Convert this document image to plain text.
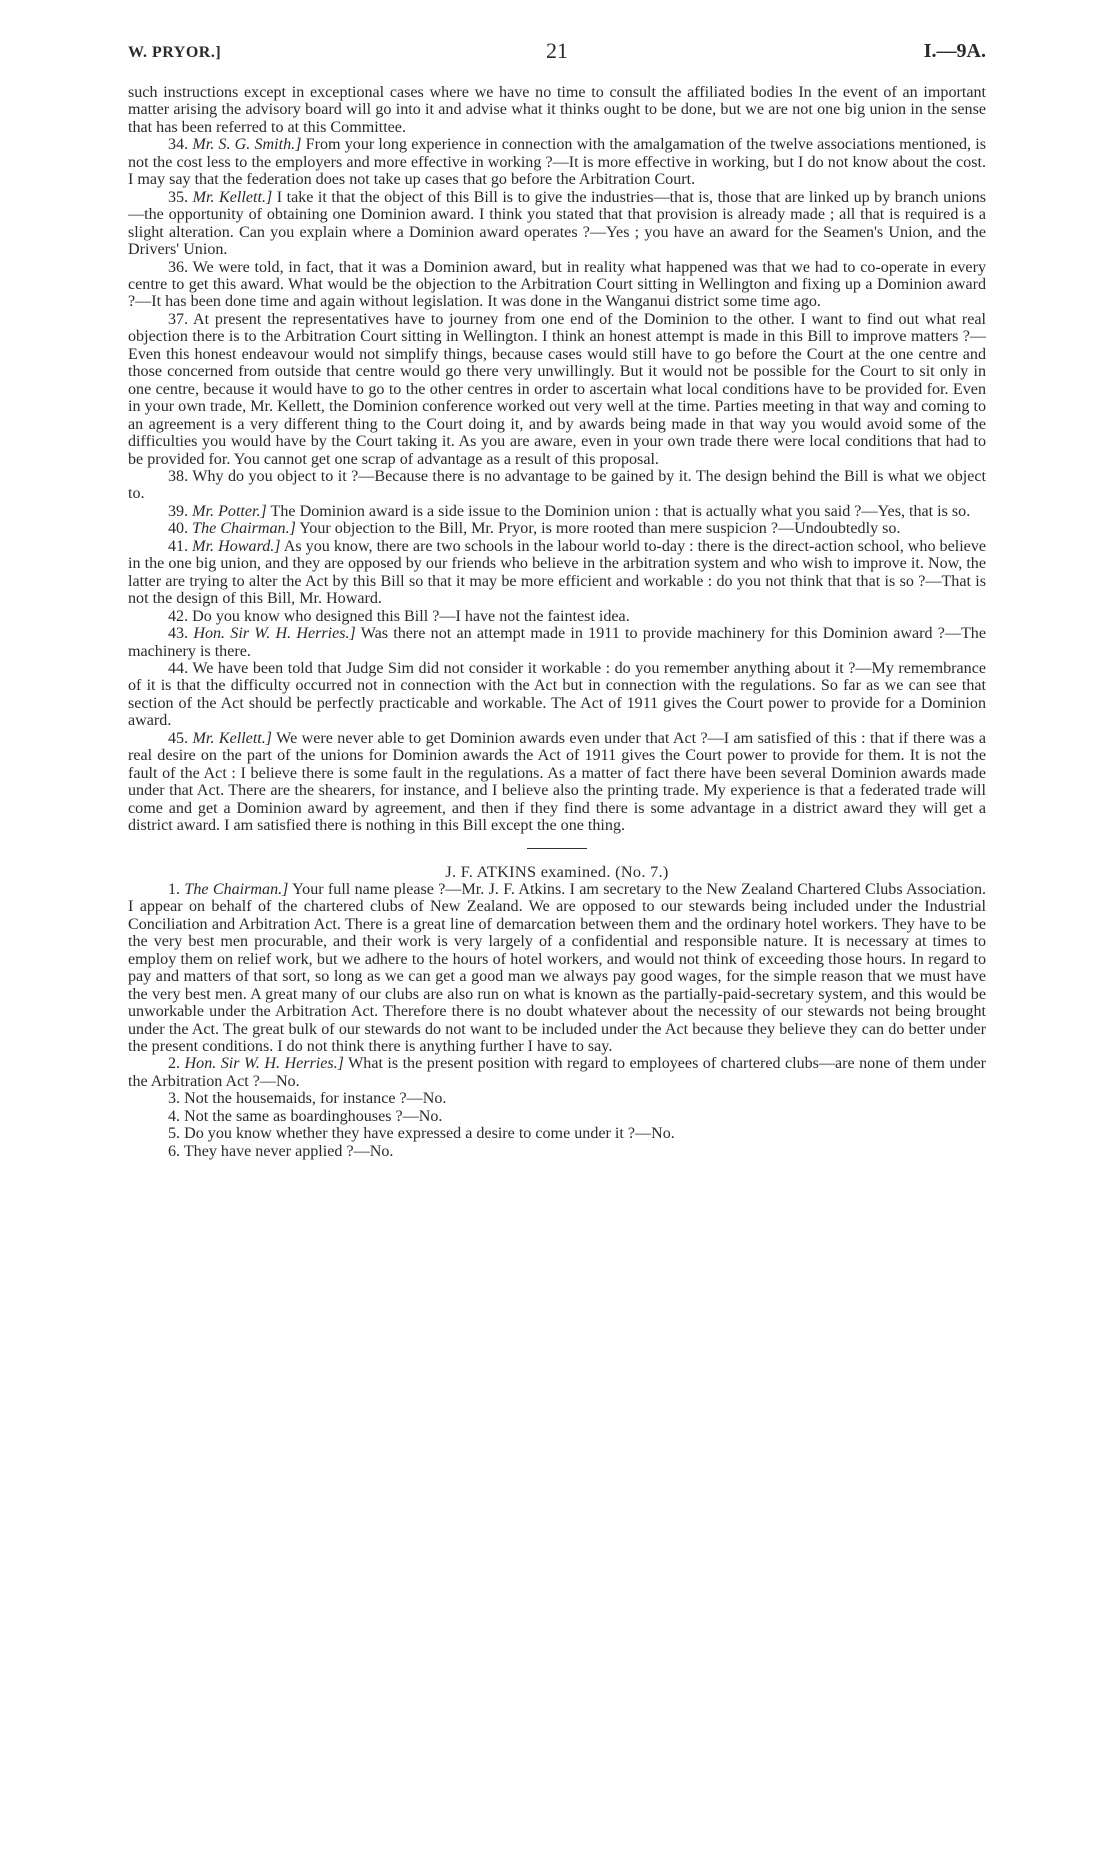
W. PRYOR.]	21	I.—9A.

such instructions except in exceptional cases where we have no time to consult the affiliated bodies In the event of an important matter arising the advisory board will go into it and advise what it thinks ought to be done, but we are not one big union in the sense that has been referred to at this Committee.

34. Mr. S. G. Smith.] From your long experience in connection with the amalgamation of the twelve associations mentioned, is not the cost less to the employers and more effective in working ?—It is more effective in working, but I do not know about the cost. I may say that the federation does not take up cases that go before the Arbitration Court.

35. Mr. Kellett.] I take it that the object of this Bill is to give the industries—that is, those that are linked up by branch unions—the opportunity of obtaining one Dominion award. I think you stated that that provision is already made ; all that is required is a slight alteration. Can you explain where a Dominion award operates ?—Yes ; you have an award for the Seamen's Union, and the Drivers' Union.

36. We were told, in fact, that it was a Dominion award, but in reality what happened was that we had to co-operate in every centre to get this award. What would be the objection to the Arbitration Court sitting in Wellington and fixing up a Dominion award ?—It has been done time and again without legislation. It was done in the Wanganui district some time ago.

37. At present the representatives have to journey from one end of the Dominion to the other. I want to find out what real objection there is to the Arbitration Court sitting in Wellington. I think an honest attempt is made in this Bill to improve matters ?—Even this honest endeavour would not simplify things, because cases would still have to go before the Court at the one centre and those concerned from outside that centre would go there very unwillingly. But it would not be possible for the Court to sit only in one centre, because it would have to go to the other centres in order to ascertain what local conditions have to be provided for. Even in your own trade, Mr. Kellett, the Dominion conference worked out very well at the time. Parties meeting in that way and coming to an agreement is a very different thing to the Court doing it, and by awards being made in that way you would avoid some of the difficulties you would have by the Court taking it. As you are aware, even in your own trade there were local conditions that had to be provided for. You cannot get one scrap of advantage as a result of this proposal.

38. Why do you object to it ?—Because there is no advantage to be gained by it. The design behind the Bill is what we object to.

39. Mr. Potter.] The Dominion award is a side issue to the Dominion union : that is actually what you said ?—Yes, that is so.

40. The Chairman.] Your objection to the Bill, Mr. Pryor, is more rooted than mere suspicion ?—Undoubtedly so.

41. Mr. Howard.] As you know, there are two schools in the labour world to-day : there is the direct-action school, who believe in the one big union, and they are opposed by our friends who believe in the arbitration system and who wish to improve it. Now, the latter are trying to alter the Act by this Bill so that it may be more efficient and workable : do you not think that that is so ?—That is not the design of this Bill, Mr. Howard.

42. Do you know who designed this Bill ?—I have not the faintest idea.

43. Hon. Sir W. H. Herries.] Was there not an attempt made in 1911 to provide machinery for this Dominion award ?—The machinery is there.

44. We have been told that Judge Sim did not consider it workable : do you remember anything about it ?—My remembrance of it is that the difficulty occurred not in connection with the Act but in connection with the regulations. So far as we can see that section of the Act should be perfectly practicable and workable. The Act of 1911 gives the Court power to provide for a Dominion award.

45. Mr. Kellett.] We were never able to get Dominion awards even under that Act ?—I am satisfied of this : that if there was a real desire on the part of the unions for Dominion awards the Act of 1911 gives the Court power to provide for them. It is not the fault of the Act : I believe there is some fault in the regulations. As a matter of fact there have been several Dominion awards made under that Act. There are the shearers, for instance, and I believe also the printing trade. My experience is that a federated trade will come and get a Dominion award by agreement, and then if they find there is some advantage in a district award they will get a district award. I am satisfied there is nothing in this Bill except the one thing.

J. F. ATKINS examined. (No. 7.)

1. The Chairman.] Your full name please ?—Mr. J. F. Atkins. I am secretary to the New Zealand Chartered Clubs Association. I appear on behalf of the chartered clubs of New Zealand. We are opposed to our stewards being included under the Industrial Conciliation and Arbitration Act. There is a great line of demarcation between them and the ordinary hotel workers. They have to be the very best men procurable, and their work is very largely of a confidential and responsible nature. It is necessary at times to employ them on relief work, but we adhere to the hours of hotel workers, and would not think of exceeding those hours. In regard to pay and matters of that sort, so long as we can get a good man we always pay good wages, for the simple reason that we must have the very best men. A great many of our clubs are also run on what is known as the partially-paid-secretary system, and this would be unworkable under the Arbitration Act. Therefore there is no doubt whatever about the necessity of our stewards not being brought under the Act. The great bulk of our stewards do not want to be included under the Act because they believe they can do better under the present conditions. I do not think there is anything further I have to say.

2. Hon. Sir W. H. Herries.] What is the present position with regard to employees of chartered clubs—are none of them under the Arbitration Act ?—No.

3. Not the housemaids, for instance ?—No.

4. Not the same as boardinghouses ?—No.

5. Do you know whether they have expressed a desire to come under it ?—No.

6. They have never applied ?—No.
